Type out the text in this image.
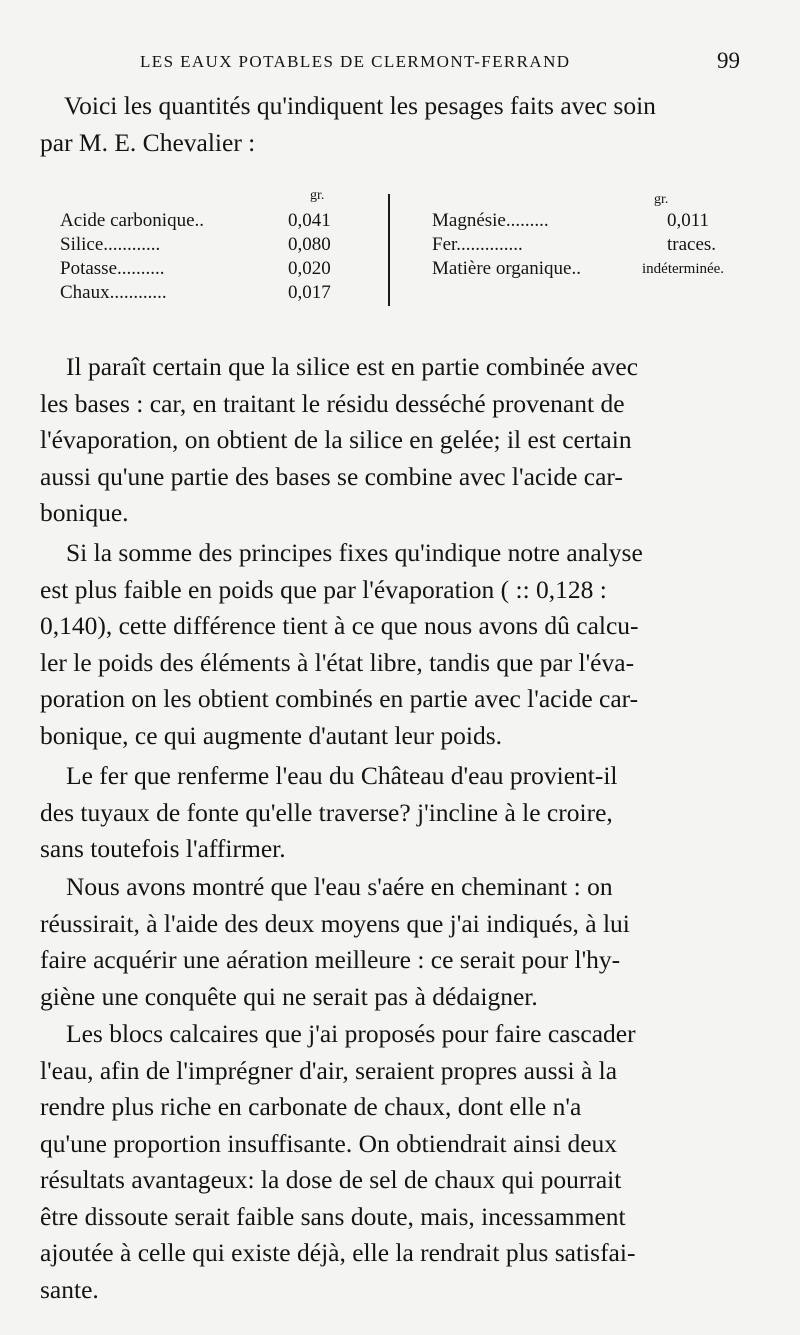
LES EAUX POTABLES DE CLERMONT-FERRAND	99
Voici les quantités qu'indiquent les pesages faits avec soin
par M. E. Chevalier :
gr.	gr.
Acide carbonique..	0,041
Silice............	0,080
Potasse..........	0,020
Chaux............	0,017
Magnésie.........	0,011
Fer..............	traces.
Matière organique..	indéterminée.
Il paraît certain que la silice est en partie combinée avec
les bases : car, en traitant le résidu desséché provenant de
l'évaporation, on obtient de la silice en gelée; il est certain
aussi qu'une partie des bases se combine avec l'acide car-
bonique.
Si la somme des principes fixes qu'indique notre analyse
est plus faible en poids que par l'évaporation ( :: 0,128 :
0,140), cette différence tient à ce que nous avons dû calcu-
ler le poids des éléments à l'état libre, tandis que par l'éva-
poration on les obtient combinés en partie avec l'acide car-
bonique, ce qui augmente d'autant leur poids.
Le fer que renferme l'eau du Château d'eau provient-il
des tuyaux de fonte qu'elle traverse? j'incline à le croire,
sans toutefois l'affirmer.
Nous avons montré que l'eau s'aére en cheminant : on
réussirait, à l'aide des deux moyens que j'ai indiqués, à lui
faire acquérir une aération meilleure : ce serait pour l'hy-
giène une conquête qui ne serait pas à dédaigner.
Les blocs calcaires que j'ai proposés pour faire cascader
l'eau, afin de l'imprégner d'air, seraient propres aussi à la
rendre plus riche en carbonate de chaux, dont elle n'a
qu'une proportion insuffisante. On obtiendrait ainsi deux
résultats avantageux: la dose de sel de chaux qui pourrait
être dissoute serait faible sans doute, mais, incessamment
ajoutée à celle qui existe déjà, elle la rendrait plus satisfai-
sante.
